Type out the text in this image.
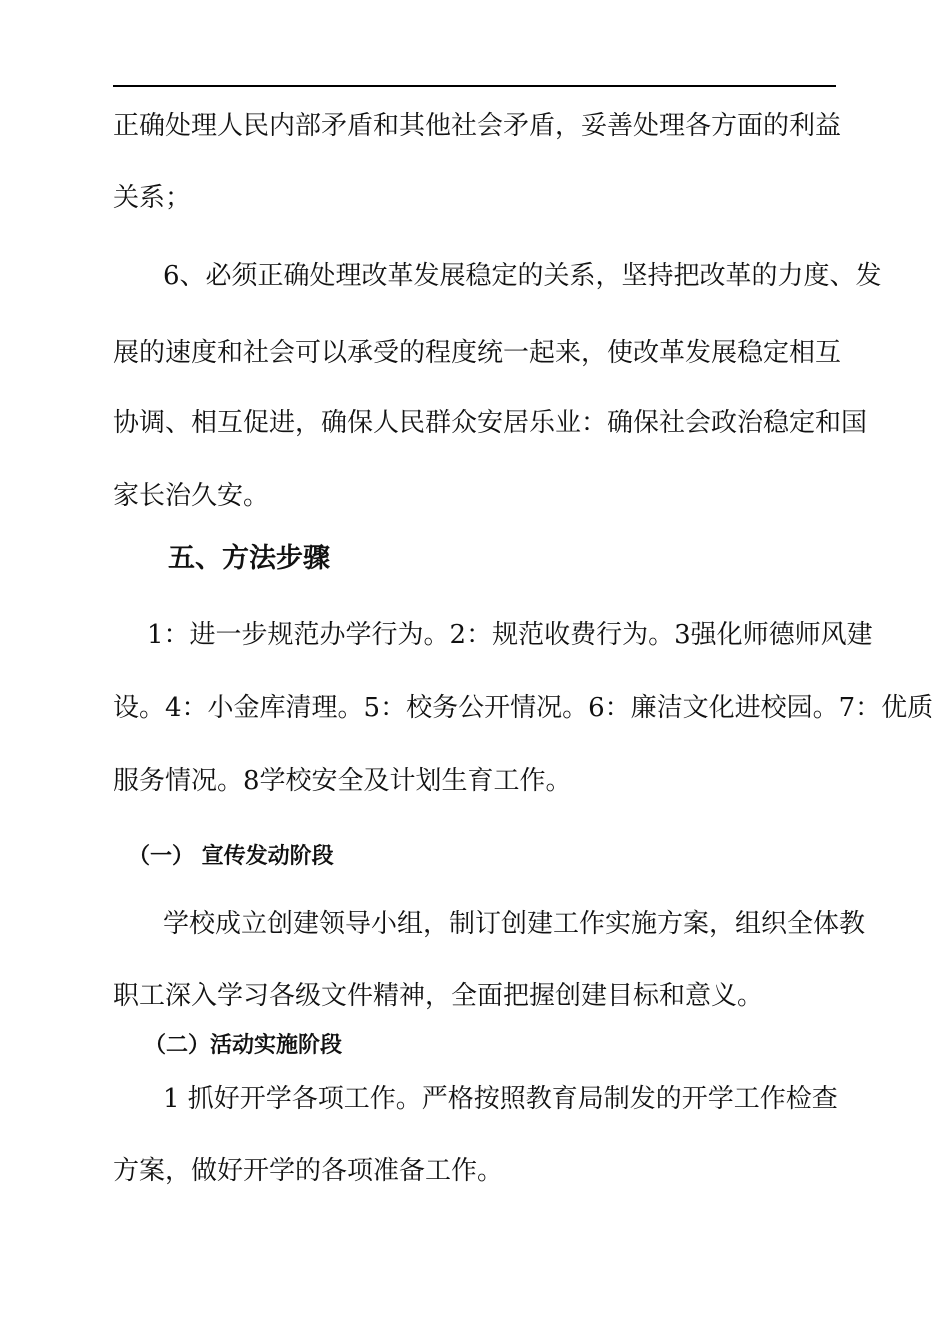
正确处理人民内部矛盾和其他社会矛盾，妥善处理各方面的利益
关系；
6、必须正确处理改革发展稳定的关系，坚持把改革的力度、发
展的速度和社会可以承受的程度统一起来，使改革发展稳定相互
协调、相互促进，确保人民群众安居乐业：确保社会政治稳定和国
家长治久安。
五、方法步骤
1：进一步规范办学行为。2：规范收费行为。3强化师德师风建
设。4：小金库清理。5：校务公开情况。6：廉洁文化进校园。7：优质
服务情况。8学校安全及计划生育工作。
（一） 宣传发动阶段
学校成立创建领导小组，制订创建工作实施方案，组织全体教
职工深入学习各级文件精神，全面把握创建目标和意义。
（二）活动实施阶段
1 抓好开学各项工作。严格按照教育局制发的开学工作检查
方案，做好开学的各项准备工作。
